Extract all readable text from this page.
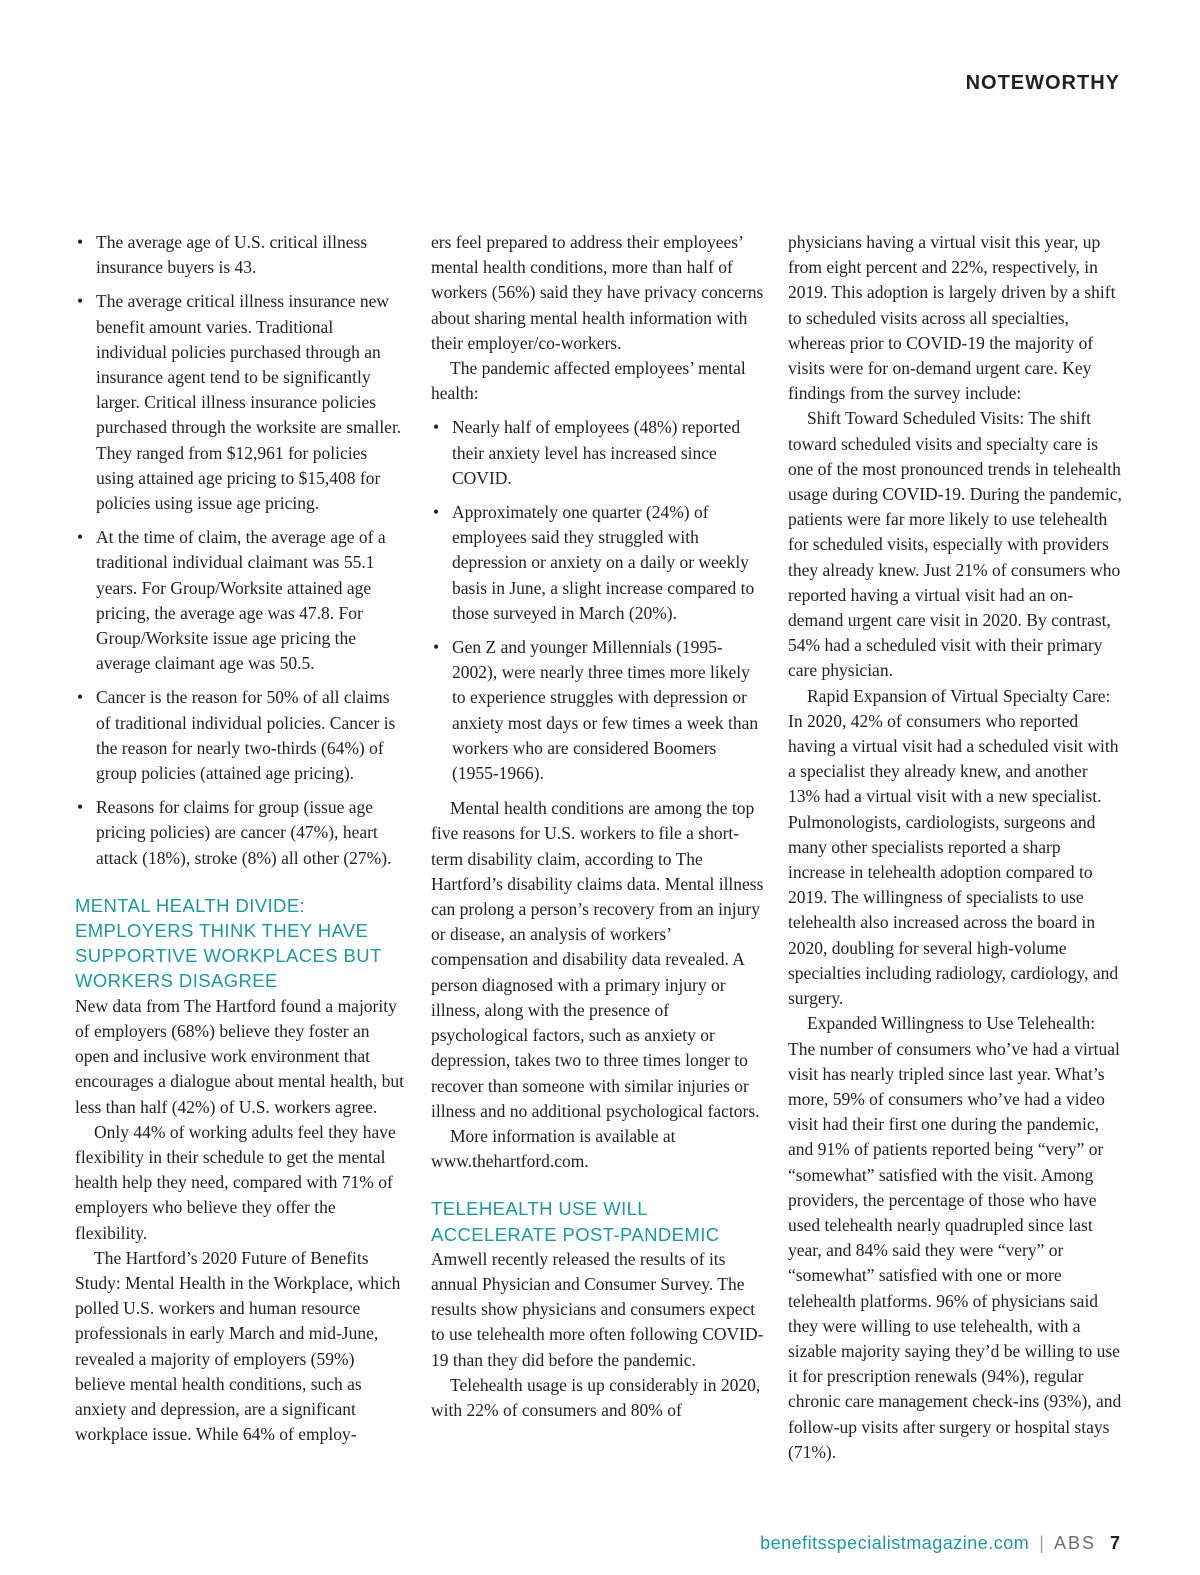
NOTEWORTHY
• The average age of U.S. critical illness insurance buyers is 43.
• The average critical illness insurance new benefit amount varies. Traditional individual policies purchased through an insurance agent tend to be significantly larger. Critical illness insurance policies purchased through the worksite are smaller. They ranged from $12,961 for policies using attained age pricing to $15,408 for policies using issue age pricing.
• At the time of claim, the average age of a traditional individual claimant was 55.1 years. For Group/Worksite attained age pricing, the average age was 47.8. For Group/Worksite issue age pricing the average claimant age was 50.5.
• Cancer is the reason for 50% of all claims of traditional individual policies. Cancer is the reason for nearly two-thirds (64%) of group policies (attained age pricing).
• Reasons for claims for group (issue age pricing policies) are cancer (47%), heart attack (18%), stroke (8%) all other (27%).
MENTAL HEALTH DIVIDE: EMPLOYERS THINK THEY HAVE SUPPORTIVE WORKPLACES BUT WORKERS DISAGREE

New data from The Hartford found a majority of employers (68%) believe they foster an open and inclusive work environment that encourages a dialogue about mental health, but less than half (42%) of U.S. workers agree.

Only 44% of working adults feel they have flexibility in their schedule to get the mental health help they need, compared with 71% of employers who believe they offer the flexibility.

The Hartford’s 2020 Future of Benefits Study: Mental Health in the Workplace, which polled U.S. workers and human resource professionals in early March and mid-June, revealed a majority of employers (59%) believe mental health conditions, such as anxiety and depression, are a significant workplace issue. While 64% of employ-

ers feel prepared to address their employees’ mental health conditions, more than half of workers (56%) said they have privacy concerns about sharing mental health information with their employer/co-workers.

The pandemic affected employees’ mental health:

• Nearly half of employees (48%) reported their anxiety level has increased since COVID.
• Approximately one quarter (24%) of employees said they struggled with depression or anxiety on a daily or weekly basis in June, a slight increase compared to those surveyed in March (20%).
• Gen Z and younger Millennials (1995-2002), were nearly three times more likely to experience struggles with depression or anxiety most days or few times a week than workers who are considered Boomers (1955-1966).

Mental health conditions are among the top five reasons for U.S. workers to file a short-term disability claim, according to The Hartford’s disability claims data. Mental illness can prolong a person’s recovery from an injury or disease, an analysis of workers’ compensation and disability data revealed. A person diagnosed with a primary injury or illness, along with the presence of psychological factors, such as anxiety or depression, takes two to three times longer to recover than someone with similar injuries or illness and no additional psychological factors.

More information is available at www.thehartford.com.

TELEHEALTH USE WILL ACCELERATE POST-PANDEMIC

Amwell recently released the results of its annual Physician and Consumer Survey. The results show physicians and consumers expect to use telehealth more often following COVID-19 than they did before the pandemic.

Telehealth usage is up considerably in 2020, with 22% of consumers and 80% of

physicians having a virtual visit this year, up from eight percent and 22%, respectively, in 2019. This adoption is largely driven by a shift to scheduled visits across all specialties, whereas prior to COVID-19 the majority of visits were for on-demand urgent care. Key findings from the survey include:

Shift Toward Scheduled Visits: The shift toward scheduled visits and specialty care is one of the most pronounced trends in telehealth usage during COVID-19. During the pandemic, patients were far more likely to use telehealth for scheduled visits, especially with providers they already knew. Just 21% of consumers who reported having a virtual visit had an on-demand urgent care visit in 2020. By contrast, 54% had a scheduled visit with their primary care physician.

Rapid Expansion of Virtual Specialty Care: In 2020, 42% of consumers who reported having a virtual visit had a scheduled visit with a specialist they already knew, and another 13% had a virtual visit with a new specialist. Pulmonologists, cardiologists, surgeons and many other specialists reported a sharp increase in telehealth adoption compared to 2019. The willingness of specialists to use telehealth also increased across the board in 2020, doubling for several high-volume specialties including radiology, cardiology, and surgery.

Expanded Willingness to Use Telehealth: The number of consumers who’ve had a virtual visit has nearly tripled since last year. What’s more, 59% of consumers who’ve had a video visit had their first one during the pandemic, and 91% of patients reported being “very” or “somewhat” satisfied with the visit. Among providers, the percentage of those who have used telehealth nearly quadrupled since last year, and 84% said they were “very” or “somewhat” satisfied with one or more telehealth platforms. 96% of physicians said they were willing to use telehealth, with a sizable majority saying they’d be willing to use it for prescription renewals (94%), regular chronic care management check-ins (93%), and follow-up visits after surgery or hospital stays (71%).

benefitsspecialistmagazine.com | ABS 7
